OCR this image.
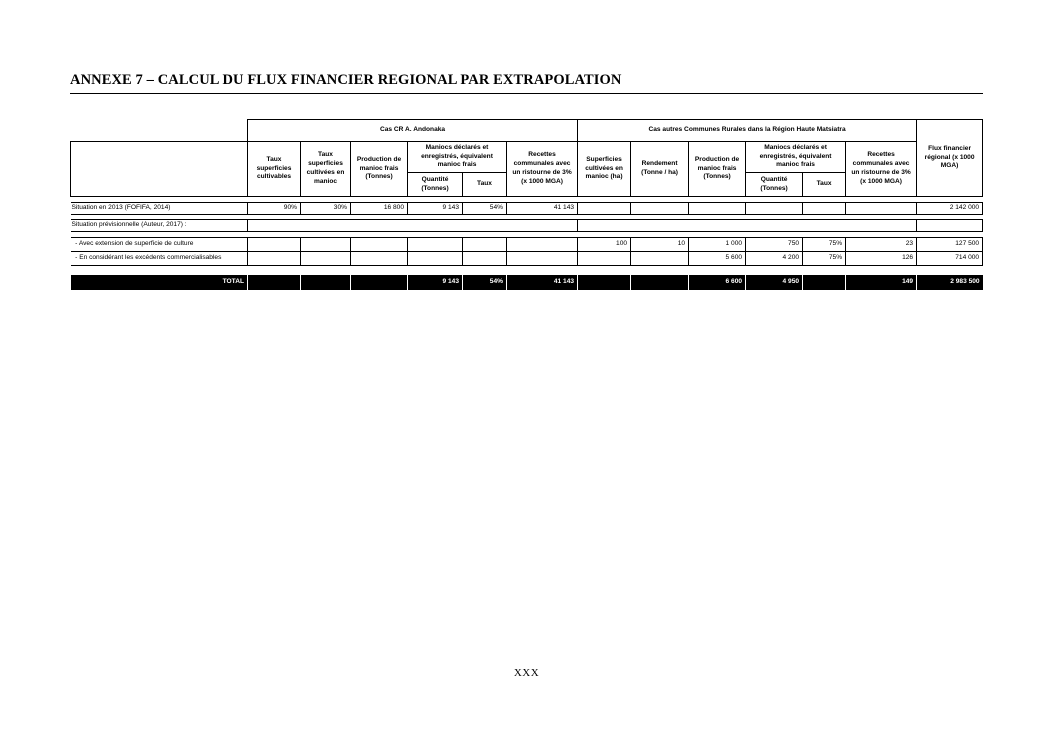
ANNEXE 7 – CALCUL DU FLUX FINANCIER REGIONAL PAR EXTRAPOLATION
	Cas CR A. Andonaka						Cas autres Communes Rurales dans la Région Haute Matsiatra						Flux financier régional (x 1000 MGA)
	Taux superficies cultivables	Taux superficies cultivées en manioc	Production de manioc frais (Tonnes)	Maniocs déclarés et enregistrés, équivalent manioc frais		Recettes communales avec un ristourne de 3% (x 1000 MGA)	Superficies cultivées en manioc (ha)	Rendement (Tonne / ha)	Production de manioc frais (Tonnes)	Maniocs déclarés et enregistrés, équivalent manioc frais		Recettes communales avec un ristourne de 3% (x 1000 MGA)	
				Quantité (Tonnes)	Taux					Quantité (Tonnes)	Taux		

Situation en 2013 (FOFIFA, 2014)	90%	30%	16 800	9 143	54%	41 143							2 142 000

Situation prévisionnelle (Auteur, 2017) :													

- Avec extension de superficie de culture							100	10	1 000	750	75%	23	127 500
- En considérant les excédents commercialisables									5 600	4 200	75%	126	714 000

TOTAL				9 143	54%	41 143			6 600	4 950		149	2 983 500
XXX
